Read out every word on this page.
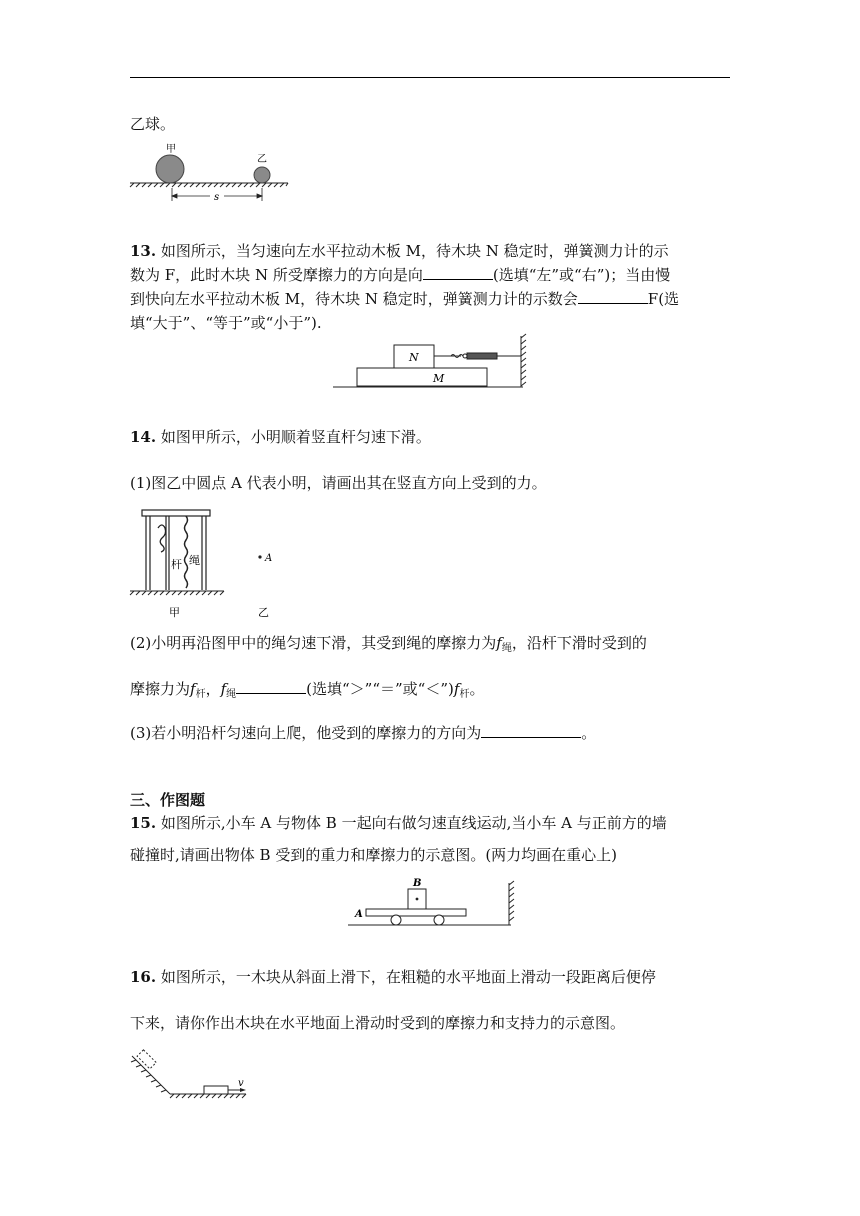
乙球。
甲
乙
s
13. 如图所示，当匀速向左水平拉动木板 M，待木块 N 稳定时，弹簧测力计的示
数为 F，此时木块 N 所受摩擦力的方向是向	(选填“左”或“右”)；当由慢
到快向左水平拉动木板 M，待木块 N 稳定时，弹簧测力计的示数会	F(选
填“大于”、“等于”或“小于”).
N
M
14. 如图甲所示，小明顺着竖直杆匀速下滑。
(1)图乙中圆点 A 代表小明，请画出其在竖直方向上受到的力。
杆 绳	A
甲	乙
(2)小明再沿图甲中的绳匀速下滑，其受到绳的摩擦力为$f_绳$，沿杆下滑时受到的
摩擦力为$f_杆$，$f_绳$	(选填“＞”“＝”或“$<”)f_杆$。
(3)若小明沿杆匀速向上爬，他受到的摩擦力的方向为	。
三、作图题
15. 如图所示,小车 A 与物体 B 一起向右做匀速直线运动,当小车 A 与正前方的墙
碰撞时,请画出物体 B 受到的重力和摩擦力的示意图。(两力均画在重心上)
B
A
16. 如图所示，一木块从斜面上滑下，在粗糙的水平地面上滑动一段距离后便停
下来，请你作出木块在水平地面上滑动时受到的摩擦力和支持力的示意图。
v
